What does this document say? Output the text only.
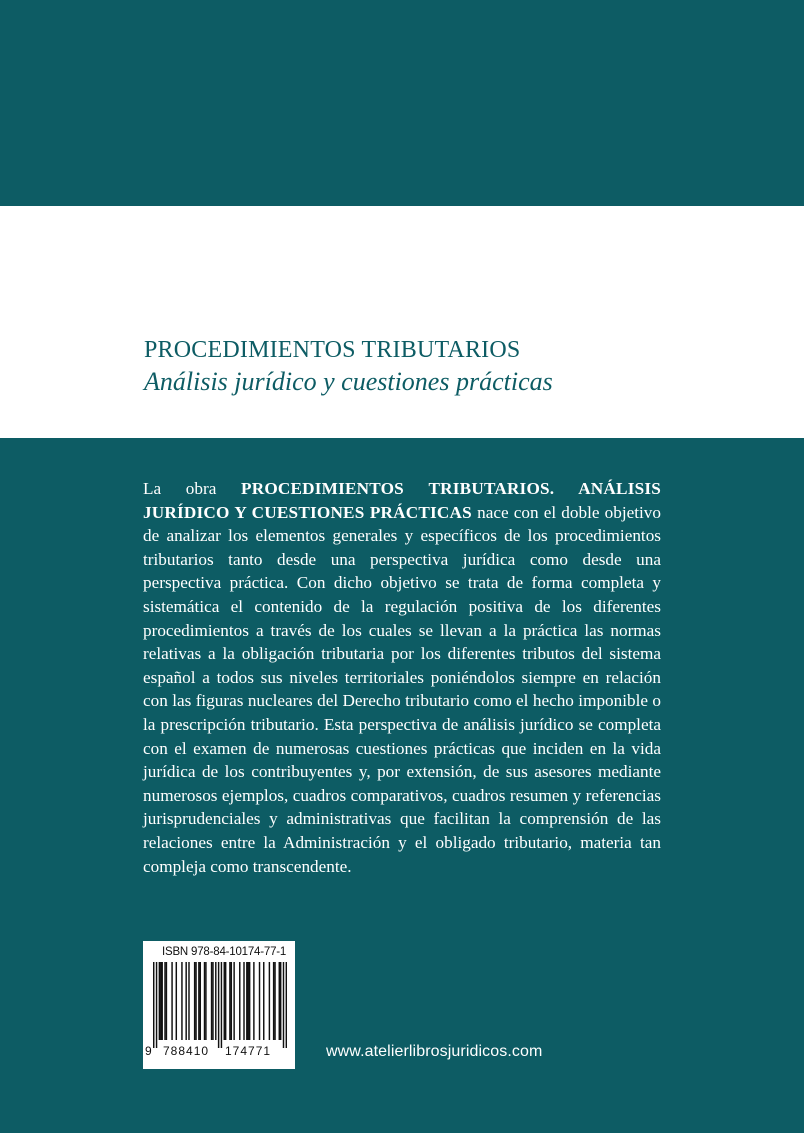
PROCEDIMIENTOS TRIBUTARIOS
Análisis jurídico y cuestiones prácticas

La obra PROCEDIMIENTOS TRIBUTARIOS. ANÁLISIS JURÍDICO Y CUESTIONES PRÁCTICAS nace con el doble objetivo de analizar los elementos generales y específicos de los procedimientos tributarios tanto desde una perspectiva jurídica como desde una perspectiva práctica. Con dicho objetivo se trata de forma completa y sistemática el contenido de la regulación positiva de los diferentes procedimientos a través de los cuales se llevan a la práctica las normas relativas a la obligación tributaria por los diferentes tributos del sistema español a todos sus niveles territoriales poniéndolos siempre en relación con las figuras nucleares del Derecho tributario como el hecho imponible o la prescripción tributario. Esta perspectiva de análisis jurídico se completa con el examen de numerosas cuestiones prácticas que inciden en la vida jurídica de los contribuyentes y, por extensión, de sus asesores mediante numerosos ejemplos, cuadros comparativos, cuadros resumen y referencias jurisprudenciales y administrativas que facilitan la comprensión de las relaciones entre la Administración y el obligado tributario, materia tan compleja como transcendente.

ISBN 978-84-10174-77-1
9 788410 174771	www.atelierlibrosjuridicos.com
